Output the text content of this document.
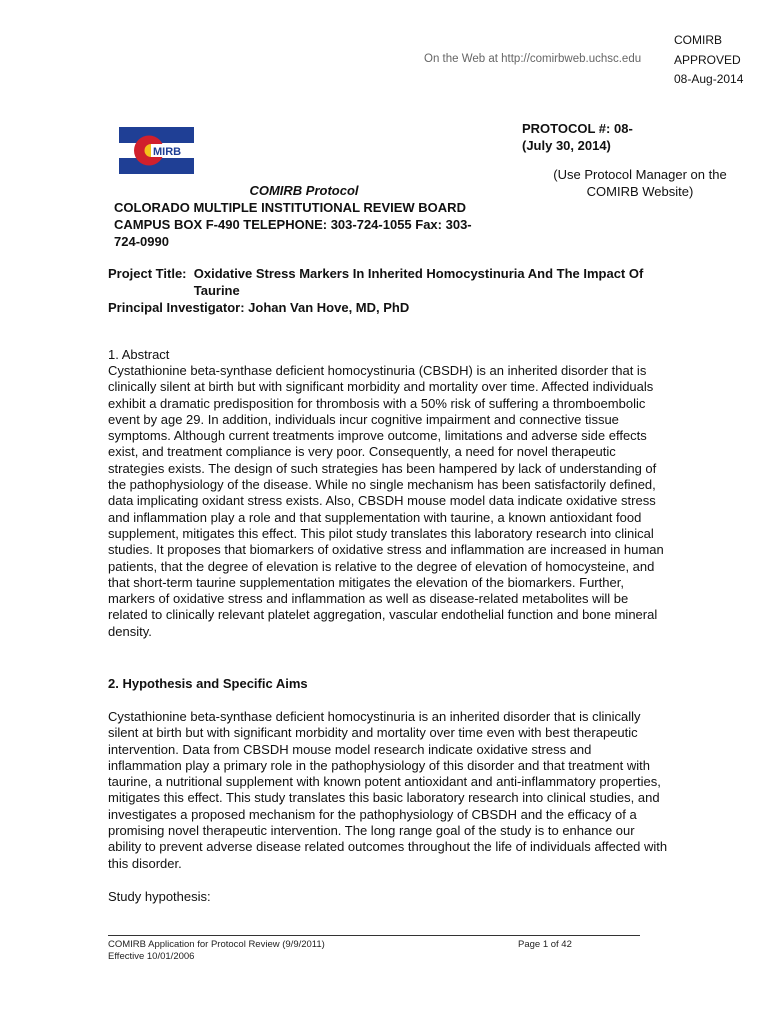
On the Web at http://comirbweb.uchsc.edu
COMIRB
APPROVED
08-Aug-2014
MIRB
PROTOCOL #: 08-
(July 30, 2014)
(Use Protocol Manager on the COMIRB Website)
COMIRB Protocol
COLORADO MULTIPLE INSTITUTIONAL REVIEW BOARD
CAMPUS BOX F-490 TELEPHONE: 303-724-1055 Fax: 303-724-0990
Project Title: Oxidative Stress Markers In Inherited Homocystinuria And The Impact Of Taurine
Principal Investigator: Johan Van Hove, MD, PhD
1. Abstract
Cystathionine beta-synthase deficient homocystinuria (CBSDH) is an inherited disorder that is clinically silent at birth but with significant morbidity and mortality over time. Affected individuals exhibit a dramatic predisposition for thrombosis with a 50% risk of suffering a thromboembolic event by age 29. In addition, individuals incur cognitive impairment and connective tissue symptoms. Although current treatments improve outcome, limitations and adverse side effects exist, and treatment compliance is very poor. Consequently, a need for novel therapeutic strategies exists. The design of such strategies has been hampered by lack of understanding of the pathophysiology of the disease. While no single mechanism has been satisfactorily defined, data implicating oxidant stress exists. Also, CBSDH mouse model data indicate oxidative stress and inflammation play a role and that supplementation with taurine, a known antioxidant food supplement, mitigates this effect. This pilot study translates this laboratory research into clinical studies. It proposes that biomarkers of oxidative stress and inflammation are increased in human patients, that the degree of elevation is relative to the degree of elevation of homocysteine, and that short-term taurine supplementation mitigates the elevation of the biomarkers. Further, markers of oxidative stress and inflammation as well as disease-related metabolites will be related to clinically relevant platelet aggregation, vascular endothelial function and bone mineral density.
2. Hypothesis and Specific Aims
Cystathionine beta-synthase deficient homocystinuria is an inherited disorder that is clinically silent at birth but with significant morbidity and mortality over time even with best therapeutic intervention. Data from CBSDH mouse model research indicate oxidative stress and inflammation play a primary role in the pathophysiology of this disorder and that treatment with taurine, a nutritional supplement with known potent antioxidant and anti-inflammatory properties, mitigates this effect. This study translates this basic laboratory research into clinical studies, and investigates a proposed mechanism for the pathophysiology of CBSDH and the efficacy of a promising novel therapeutic intervention. The long range goal of the study is to enhance our ability to prevent adverse disease related outcomes throughout the life of individuals affected with this disorder.
Study hypothesis:
COMIRB Application for Protocol Review (9/9/2011)
Effective 10/01/2006
Page 1 of 42
